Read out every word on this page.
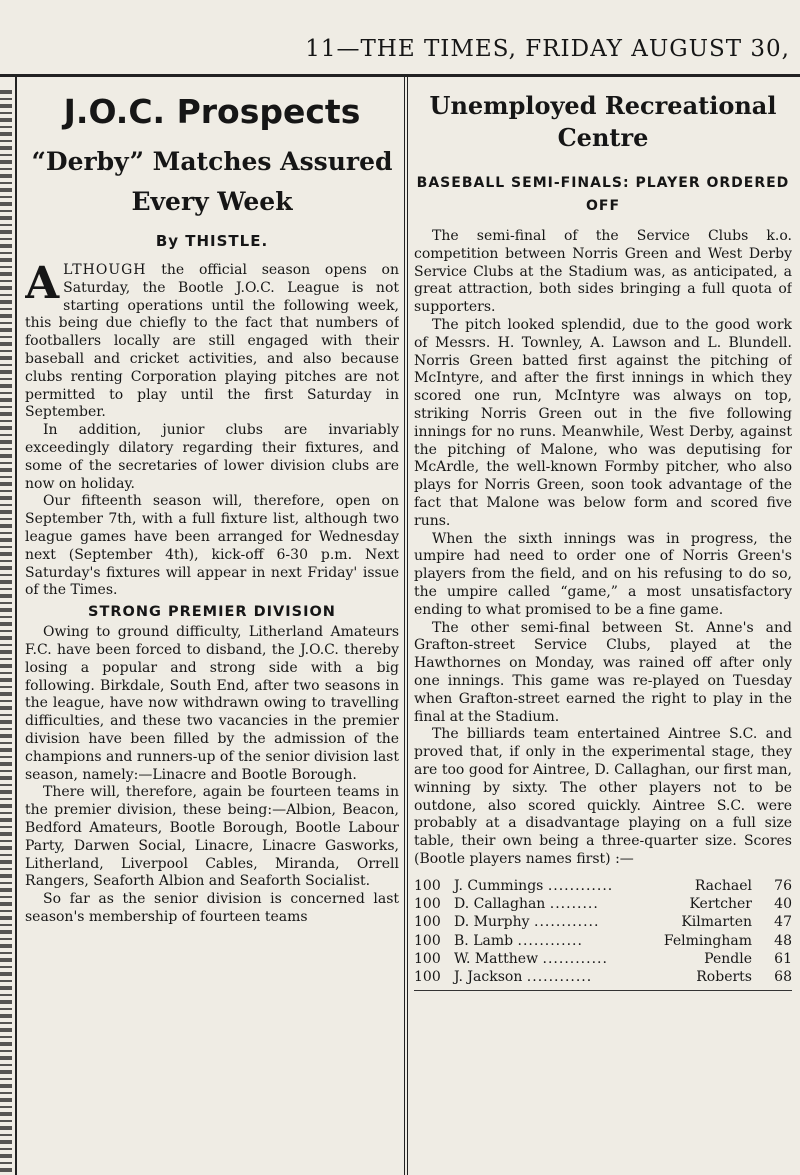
11—THE TIMES, FRIDAY AUGUST 30,
J.O.C. Prospects
“Derby” Matches Assured Every Week
By THISTLE.

ALTHOUGH the official season opens on Saturday, the Bootle J.O.C. League is not starting operations until the following week, this being due chiefly to the fact that numbers of footballers locally are still engaged with their baseball and cricket activities, and also because clubs renting Corporation playing pitches are not permitted to play until the first Saturday in September.

In addition, junior clubs are invariably exceedingly dilatory regarding their fixtures, and some of the secretaries of lower division clubs are now on holiday.

Our fifteenth season will, therefore, open on September 7th, with a full fixture list, although two league games have been arranged for Wednesday next (September 4th), kick-off 6-30 p.m. Next Saturday's fixtures will appear in next Friday' issue of the Times.

STRONG PREMIER DIVISION

Owing to ground difficulty, Litherland Amateurs F.C. have been forced to disband, the J.O.C. thereby losing a popular and strong side with a big following. Birkdale, South End, after two seasons in the league, have now withdrawn owing to travelling difficulties, and these two vacancies in the premier division have been filled by the admission of the champions and runners-up of the senior division last season, namely:—Linacre and Bootle Borough.

There will, therefore, again be fourteen teams in the premier division, these being:—Albion, Beacon, Bedford Amateurs, Bootle Borough, Bootle Labour Party, Darwen Social, Linacre, Linacre Gasworks, Litherland, Liverpool Cables, Miranda, Orrell Rangers, Seaforth Albion and Seaforth Socialist.

So far as the senior division is concerned last season's membership of fourteen teams

Unemployed Recreational Centre
BASEBALL SEMI-FINALS: PLAYER ORDERED OFF

The semi-final of the Service Clubs k.o. competition between Norris Green and West Derby Service Clubs at the Stadium was, as anticipated, a great attraction, both sides bringing a full quota of supporters.

The pitch looked splendid, due to the good work of Messrs. H. Townley, A. Lawson and L. Blundell. Norris Green batted first against the pitching of McIntyre, and after the first innings in which they scored one run, McIntyre was always on top, striking Norris Green out in the five following innings for no runs. Meanwhile, West Derby, against the pitching of Malone, who was deputising for McArdle, the well-known Formby pitcher, who also plays for Norris Green, soon took advantage of the fact that Malone was below form and scored five runs.

When the sixth innings was in progress, the umpire had need to order one of Norris Green's players from the field, and on his refusing to do so, the umpire called “game,” a most unsatisfactory ending to what promised to be a fine game.

The other semi-final between St. Anne's and Grafton-street Service Clubs, played at the Hawthornes on Monday, was rained off after only one innings. This game was re-played on Tuesday when Grafton-street earned the right to play in the final at the Stadium.

The billiards team entertained Aintree S.C. and proved that, if only in the experimental stage, they are too good for Aintree, D. Callaghan, our first man, winning by sixty. The other players not to be outdone, also scored quickly. Aintree S.C. were probably at a disadvantage playing on a full size table, their own being a three-quarter size. Scores (Bootle players names first) :—

100	J. Cummings ............	Rachael	76
100	D. Callaghan .........	Kertcher	40
100	D. Murphy ............	Kilmarten	47
100	B. Lamb ............	Felmingham	48
100	W. Matthew ............	Pendle	61
100	J. Jackson ............	Roberts	68
